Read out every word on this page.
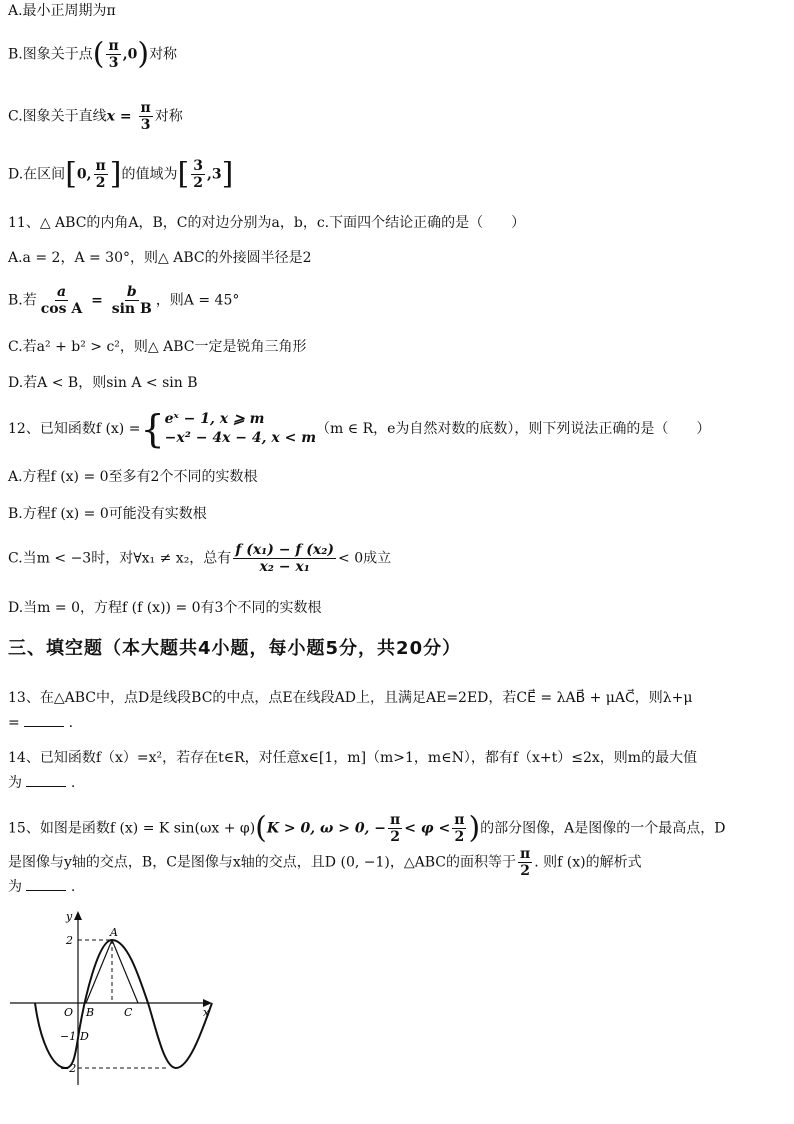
A.最小正周期为π
B.图象关于点( $\frac{\pi}{3} ,0$)对称
C.图象关于直线$x = \frac{\pi}{3}$ 对称
D.在区间[0, $\frac{\pi}{2}$ ]的值域为[ $\frac{3}{2} ,3$]
11、△ ABC的内角A，B，C的对边分别为a，b，c.下面四个结论正确的是（　　）
A.a = 2，A = 30°，则△ ABC的外接圆半径是2
B.若 $\frac{a}{\text{cos A}} = \frac{b}{\text{sin B}}$ ，则A = 45°
C.若a² + b² > c²，则△ ABC一定是锐角三角形
D.若A < B，则sin A < sin B
12、已知函数f (x) ={ eˣ − 1, x ⩾ m
−x² − 4x − 4, x < m
（m ∈ R，e为自然对数的底数），则下列说法正确的是（　　）
A.方程f (x) = 0至多有2个不同的实数根
B.方程f (x) = 0可能没有实数根
C.当m < −3时，对∀x₁ ≠ x₂，总有 $\frac{\text{f (x₁) − f (x₂)}}{\text{x₂ − x₁}} < 0$成立
D.当m = 0，方程f (f (x)) = 0有3个不同的实数根
三、填空题（本大题共4小题，每小题5分，共20分）
13、在△ABC中，点D是线段BC的中点，点E在线段AD上，且满足AE=2ED，若CE⃗ = λAB⃗ + μAC⃗，则λ+μ
=	.
14、已知函数f（x）=x²，若存在t∈R，对任意x∈[1，m]（m>1，m∈N），都有f（x+t）≤2x，则m的最大值
为	.
15、如图是函数f (x) = K sin(ωx + φ)(K > 0, ω > 0, − $\frac{\pi}{2} < \varphi < \frac{\pi}{2}$ )的部分图像，A是图像的一个最高点，D
是图像与y轴的交点，B，C是图像与x轴的交点，且D (0, −1)，△ABC的面积等于 $\frac{\pi}{2}$ . 则f (x)的解析式
为	.
y
x
A
O B	C
D
2
−1
−2
